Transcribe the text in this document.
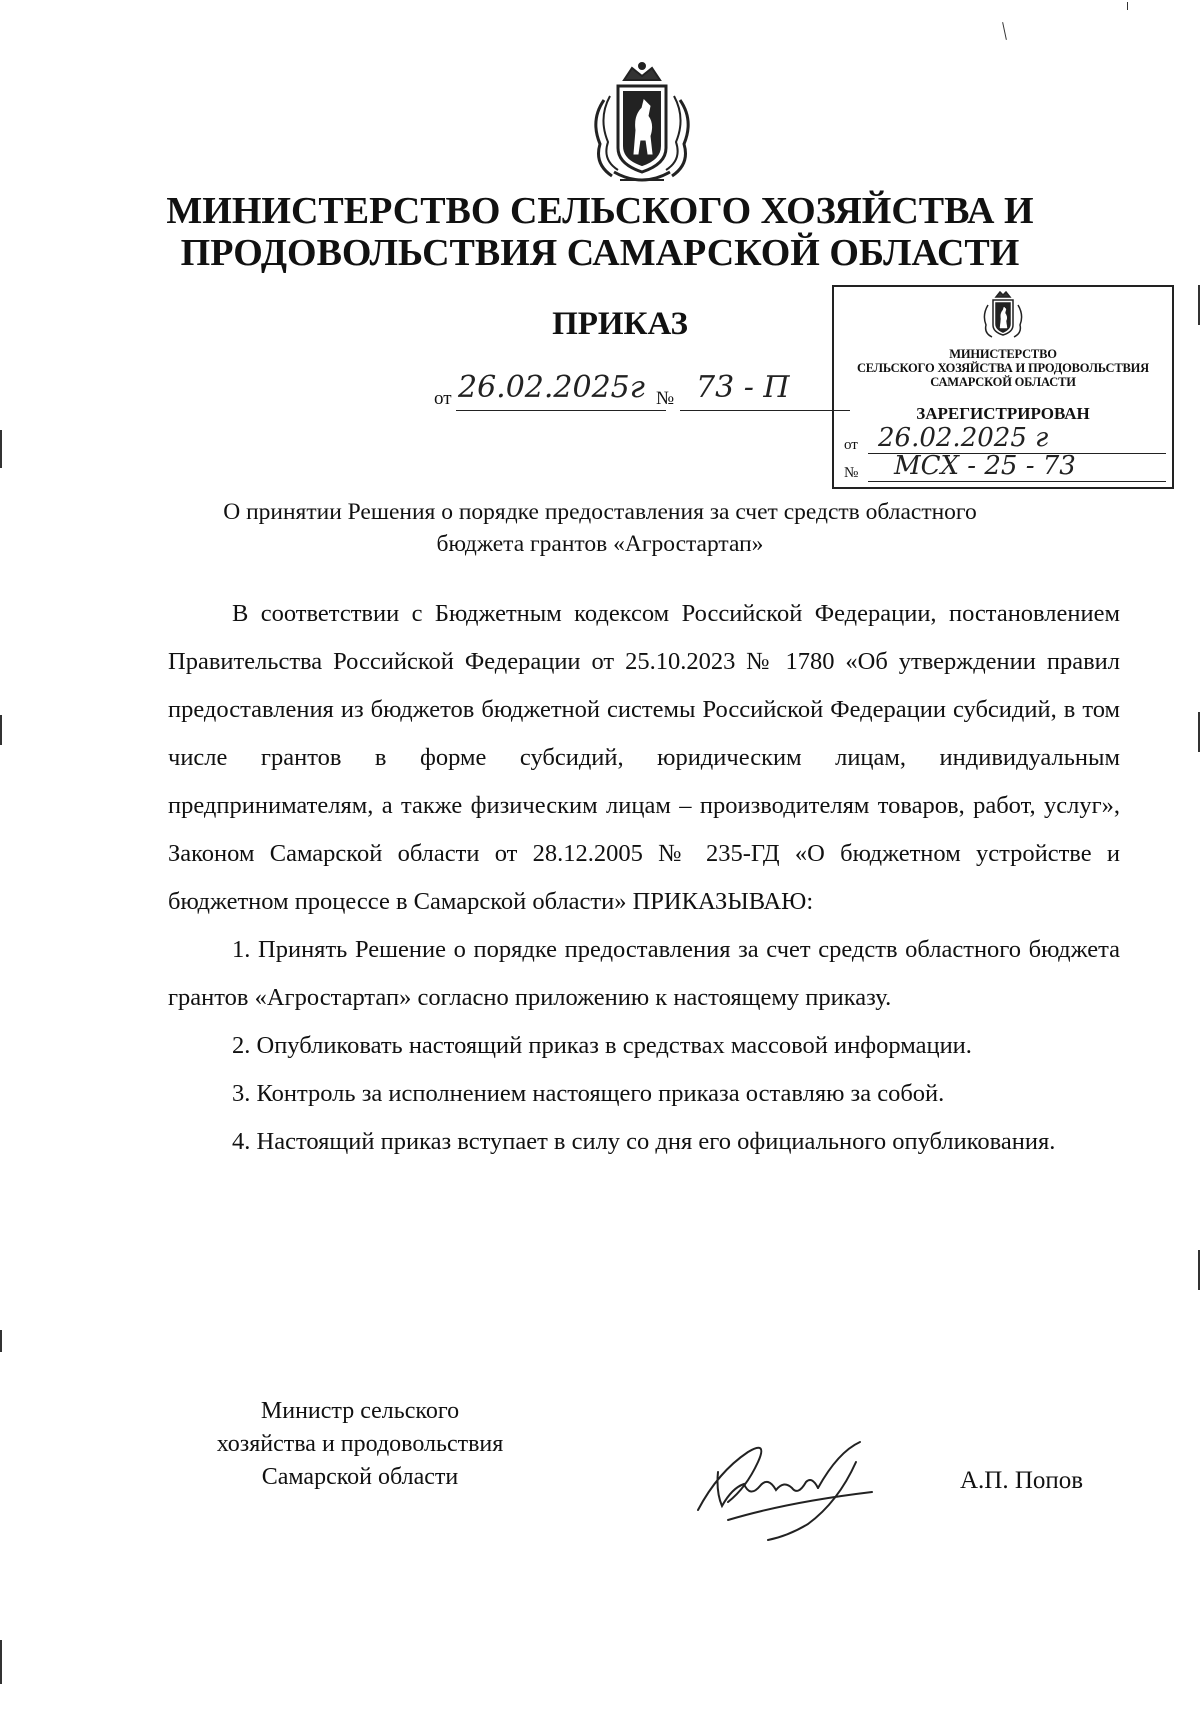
МИНИСТЕРСТВО СЕЛЬСКОГО ХОЗЯЙСТВА И
ПРОДОВОЛЬСТВИЯ САМАРСКОЙ ОБЛАСТИ
ПРИКАЗ
от 26.02.2025г № 73 - П
МИНИСТЕРСТВО
СЕЛЬСКОГО ХОЗЯЙСТВА И ПРОДОВОЛЬСТВИЯ
САМАРСКОЙ ОБЛАСТИ
ЗАРЕГИСТРИРОВАН
от 26.02.2025 г
№ МСХ - 25 - 73
О принятии Решения о порядке предоставления за счет средств областного
бюджета грантов «Агростартап»

В соответствии с Бюджетным кодексом Российской Федерации, постановлением Правительства Российской Федерации от 25.10.2023 № 1780 «Об утверждении правил предоставления из бюджетов бюджетной системы Российской Федерации субсидий, в том числе грантов в форме субсидий, юридическим лицам, индивидуальным предпринимателям, а также физическим лицам – производителям товаров, работ, услуг», Законом Самарской области от 28.12.2005 № 235-ГД «О бюджетном устройстве и бюджетном процессе в Самарской области» ПРИКАЗЫВАЮ:

1. Принять Решение о порядке предоставления за счет средств областного бюджета грантов «Агростартап» согласно приложению к настоящему приказу.

2. Опубликовать настоящий приказ в средствах массовой информации.

3. Контроль за исполнением настоящего приказа оставляю за собой.

4. Настоящий приказ вступает в силу со дня его официального опубликования.

Министр сельского
хозяйства и продовольствия
Самарской области	А.П. Попов
